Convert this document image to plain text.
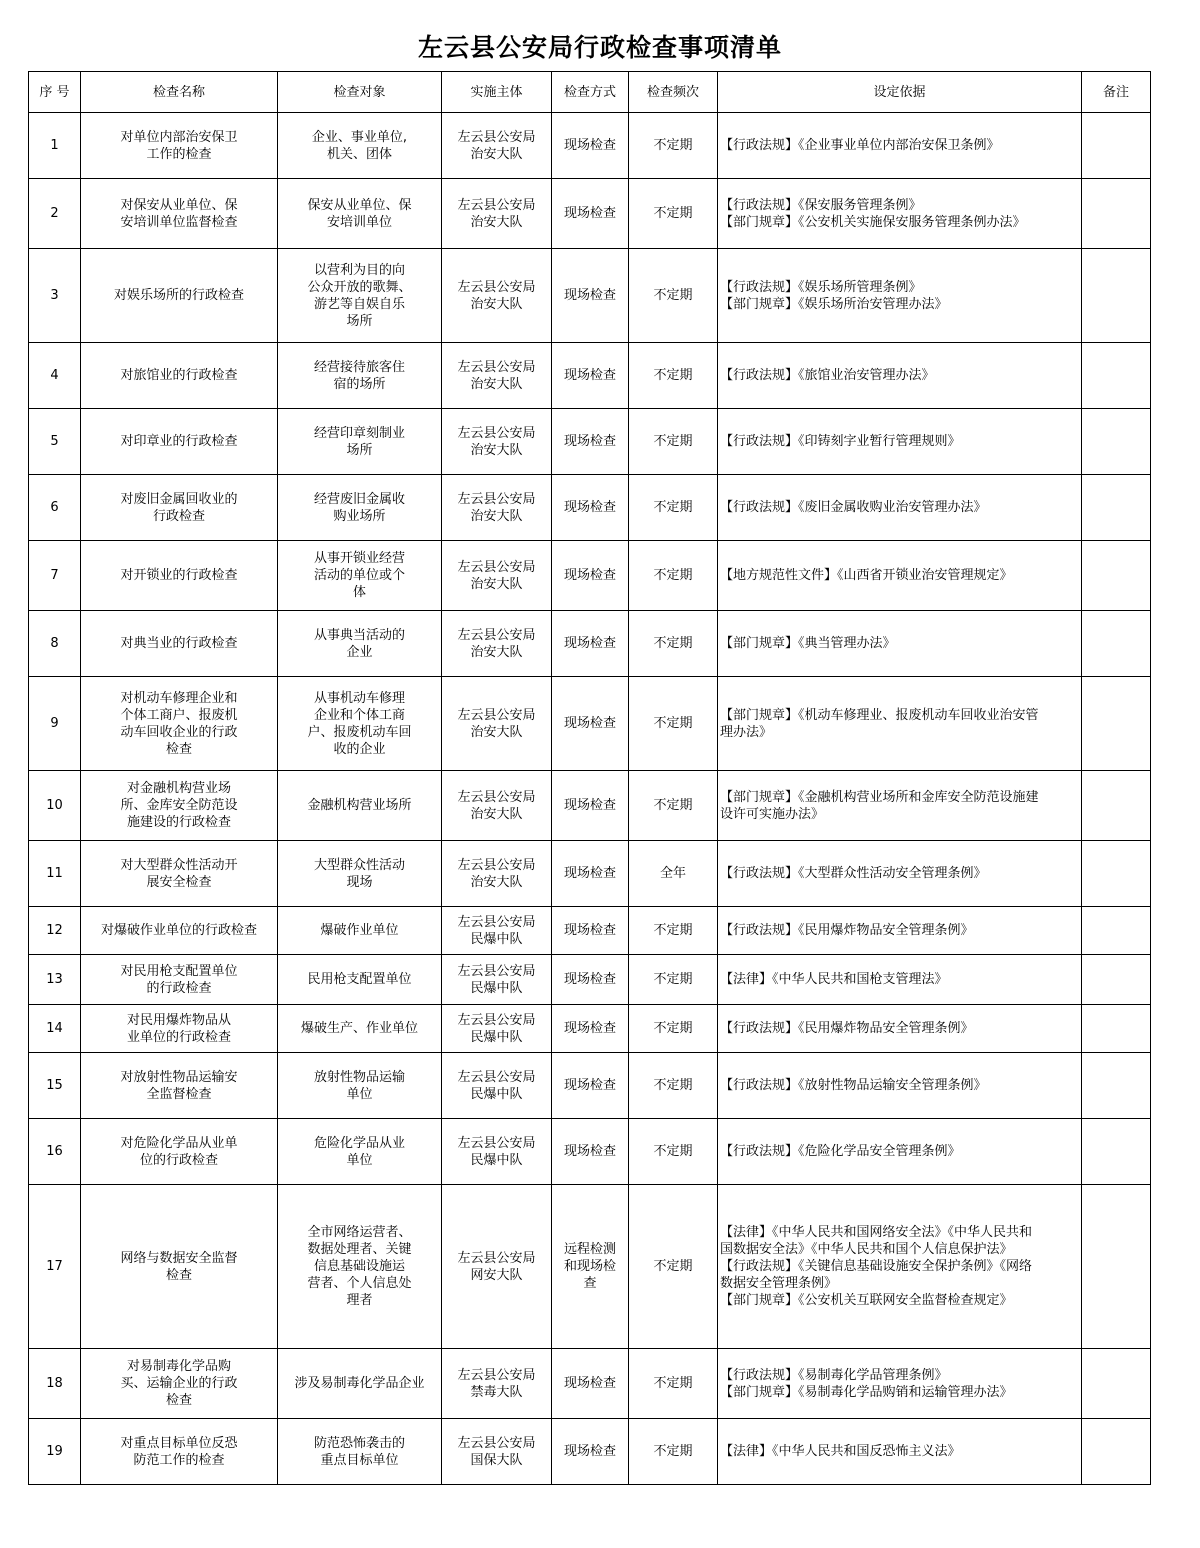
左云县公安局行政检查事项清单
序 号	检查名称	检查对象	实施主体	检查方式	检查频次	设定依据	备注
1	对单位内部治安保卫
工作的检查	企业、事业单位,
机关、团体	左云县公安局
治安大队	现场检查	不定期	【行政法规】《企业事业单位内部治安保卫条例》	

2	对保安从业单位、保
安培训单位监督检查	保安从业单位、保
安培训单位	左云县公安局
治安大队	现场检查	不定期	【行政法规】《保安服务管理条例》
【部门规章】《公安机关实施保安服务管理条例办法》	

3	对娱乐场所的行政检查	以营利为目的向
公众开放的歌舞、
游艺等自娱自乐
场所	左云县公安局
治安大队	现场检查	不定期	【行政法规】《娱乐场所管理条例》
【部门规章】《娱乐场所治安管理办法》	

4	对旅馆业的行政检查	经营接待旅客住
宿的场所	左云县公安局
治安大队	现场检查	不定期	【行政法规】《旅馆业治安管理办法》	

5	对印章业的行政检查	经营印章刻制业
场所	左云县公安局
治安大队	现场检查	不定期	【行政法规】《印铸刻字业暂行管理规则》	

6	对废旧金属回收业的
行政检查	经营废旧金属收
购业场所	左云县公安局
治安大队	现场检查	不定期	【行政法规】《废旧金属收购业治安管理办法》	

7	对开锁业的行政检查	从事开锁业经营
活动的单位或个
体	左云县公安局
治安大队	现场检查	不定期	【地方规范性文件】《山西省开锁业治安管理规定》	

8	对典当业的行政检查	从事典当活动的
企业	左云县公安局
治安大队	现场检查	不定期	【部门规章】《典当管理办法》	

9	对机动车修理企业和
个体工商户、报废机
动车回收企业的行政
检查	从事机动车修理
企业和个体工商
户、报废机动车回
收的企业	左云县公安局
治安大队	现场检查	不定期	【部门规章】《机动车修理业、报废机动车回收业治安管
理办法》	

10	对金融机构营业场
所、金库安全防范设
施建设的行政检查	金融机构营业场所	左云县公安局
治安大队	现场检查	不定期	【部门规章】《金融机构营业场所和金库安全防范设施建
设许可实施办法》	

11	对大型群众性活动开
展安全检查	大型群众性活动
现场	左云县公安局
治安大队	现场检查	全年	【行政法规】《大型群众性活动安全管理条例》	

12	对爆破作业单位的行政检查	爆破作业单位	左云县公安局
民爆中队	现场检查	不定期	【行政法规】《民用爆炸物品安全管理条例》	

13	对民用枪支配置单位
的行政检查	民用枪支配置单位	左云县公安局
民爆中队	现场检查	不定期	【法律】《中华人民共和国枪支管理法》	

14	对民用爆炸物品从
业单位的行政检查	爆破生产、作业单位	左云县公安局
民爆中队	现场检查	不定期	【行政法规】《民用爆炸物品安全管理条例》	

15	对放射性物品运输安
全监督检查	放射性物品运输
单位	左云县公安局
民爆中队	现场检查	不定期	【行政法规】《放射性物品运输安全管理条例》	

16	对危险化学品从业单
位的行政检查	危险化学品从业
单位	左云县公安局
民爆中队	现场检查	不定期	【行政法规】《危险化学品安全管理条例》	

17	网络与数据安全监督
检查	全市网络运营者、
数据处理者、关键
信息基础设施运
营者、个人信息处
理者	左云县公安局
网安大队	远程检测
和现场检
查	不定期	【法律】《中华人民共和国网络安全法》《中华人民共和
国数据安全法》《中华人民共和国个人信息保护法》
【行政法规】《关键信息基础设施安全保护条例》《网络
数据安全管理条例》
【部门规章】《公安机关互联网安全监督检查规定》	

18	对易制毒化学品购
买、运输企业的行政
检查	涉及易制毒化学品企业	左云县公安局
禁毒大队	现场检查	不定期	【行政法规】《易制毒化学品管理条例》
【部门规章】《易制毒化学品购销和运输管理办法》	

19	对重点目标单位反恐
防范工作的检查	防范恐怖袭击的
重点目标单位	左云县公安局
国保大队	现场检查	不定期	【法律】《中华人民共和国反恐怖主义法》	
